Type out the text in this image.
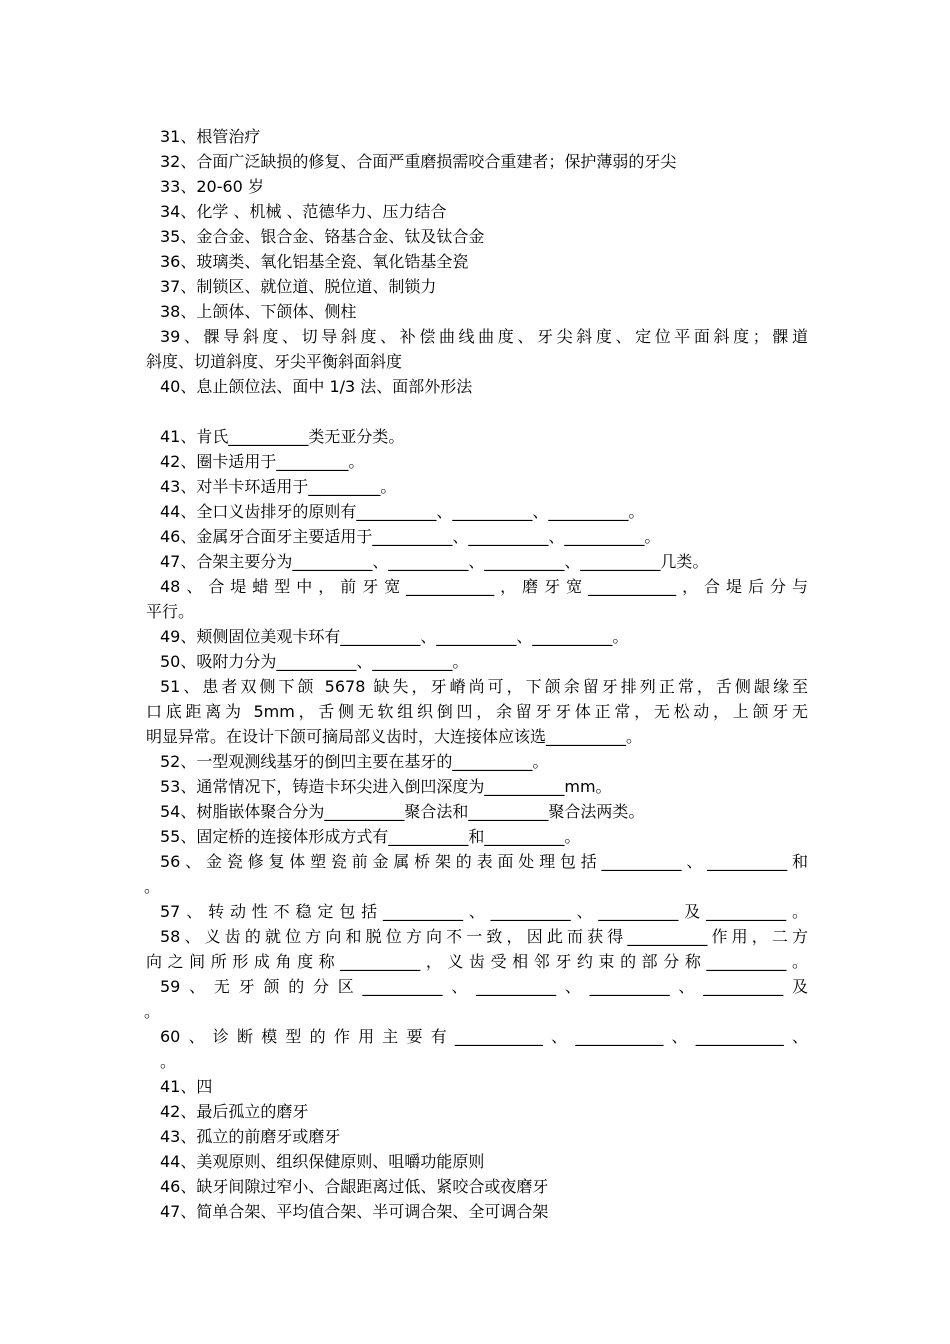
31、根管治疗
32、合面广泛缺损的修复、合面严重磨损需咬合重建者；保护薄弱的牙尖
33、20-60 岁
34、化学 、机械 、范德华力、压力结合
35、金合金、银合金、铬基合金、钛及钛合金
36、玻璃类、氧化铝基全瓷、氧化锆基全瓷
37、制锁区、就位道、脱位道、制锁力
38、上颌体、下颌体、侧柱
39、髁导斜度、切导斜度、补偿曲线曲度、牙尖斜度、定位平面斜度；髁道
斜度、切道斜度、牙尖平衡斜面斜度
40、息止颌位法、面中 1/3 法、面部外形法
41、肯氏__________类无亚分类。
42、圈卡适用于_________。
43、对半卡环适用于_________。
44、全口义齿排牙的原则有__________、__________、__________。
46、金属牙合面牙主要适用于__________、__________、__________。
47、合架主要分为__________、__________、__________、__________几类。
48、合堤蜡型中，前牙宽___________，磨牙宽___________，合堤后分与
平行。
49、颊侧固位美观卡环有__________、__________、__________。
50、吸附力分为__________、__________。
51、患者双侧下颌 5678 缺失，牙嵴尚可，下颌余留牙排列正常，舌侧龈缘至
口底距离为 5mm，舌侧无软组织倒凹，余留牙牙体正常，无松动，上颌牙无
明显异常。在设计下颌可摘局部义齿时，大连接体应该选__________。
52、一型观测线基牙的倒凹主要在基牙的__________。
53、通常情况下，铸造卡环尖进入倒凹深度为__________mm。
54、树脂嵌体聚合分为__________聚合法和__________聚合法两类。
55、固定桥的连接体形成方式有__________和__________。
56、金瓷修复体塑瓷前金属桥架的表面处理包括__________、__________和
。
57、转动性不稳定包括__________、__________、__________及__________。
58、义齿的就位方向和脱位方向不一致，因此而获得__________作用，二方
向之间所形成角度称__________，义齿受相邻牙约束的部分称__________。
59、无牙颌的分区__________、__________、__________、__________及
。
60、诊断模型的作用主要有___________、___________、___________、
。
41、四
42、最后孤立的磨牙
43、孤立的前磨牙或磨牙
44、美观原则、组织保健原则、咀嚼功能原则
46、缺牙间隙过窄小、合龈距离过低、紧咬合或夜磨牙
47、简单合架、平均值合架、半可调合架、全可调合架
